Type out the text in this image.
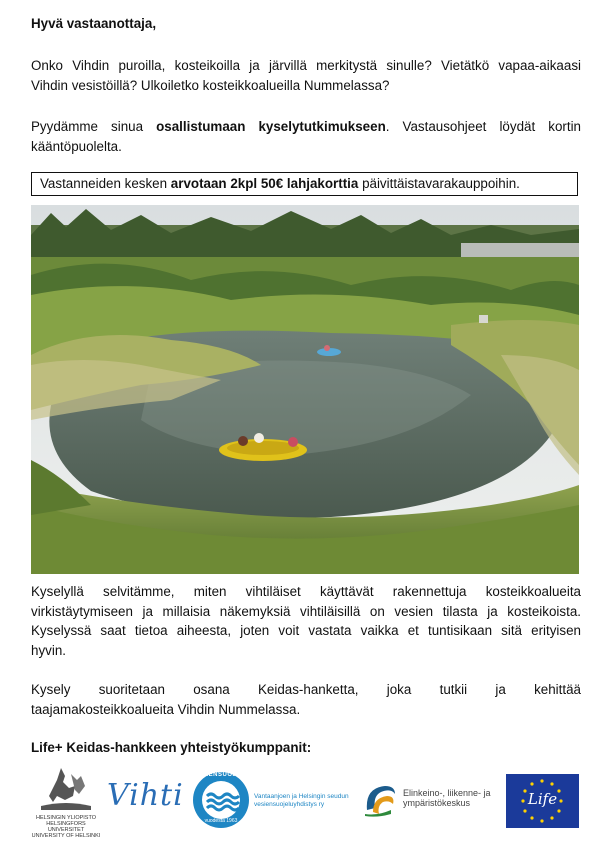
Hyvä vastaanottaja,

Onko Vihdin puroilla, kosteikoilla ja järvillä merkitystä sinulle? Vietätkö vapaa-aikaasi
Vihdin vesistöillä? Ulkoiletko kosteikkoalueilla Nummelassa?
Pyydämme sinua osallistumaan kyselytutkimukseen. Vastausohjeet löydät kortin
kääntöpuolelta.
Vastanneiden kesken arvotaan 2kpl 50€ lahjakorttia päivittäistavarakauppoihin.
Kyselyllä selvitämme, miten vihtiläiset käyttävät rakennettuja kosteikkoalueita
virkistäytymiseen ja millaisia näkemyksiä vihtiläisillä on vesien tilasta ja kosteikoista.
Kyselyssä saat tietoa aiheesta, joten voit vastata vaikka et tuntisikaan sitä erityisen
hyvin.
Kysely suoritetaan osana Keidas-hanketta, joka tutkii ja kehittää
taajamakosteikkoalueita Vihdin Nummelassa.

Life+ Keidas-hankkeen yhteistyökumppanit:

HELSINGIN YLIOPISTO
HELSINGFORS UNIVERSITET
UNIVERSITY OF HELSINKI
Vihti
VESIENSUOJELUA
vuodesta 1963
Vantaanjoen ja Helsingin seudun
vesiensuojeluyhdistys ry
Elinkeino-, liikenne- ja
ympäristökeskus	Life
